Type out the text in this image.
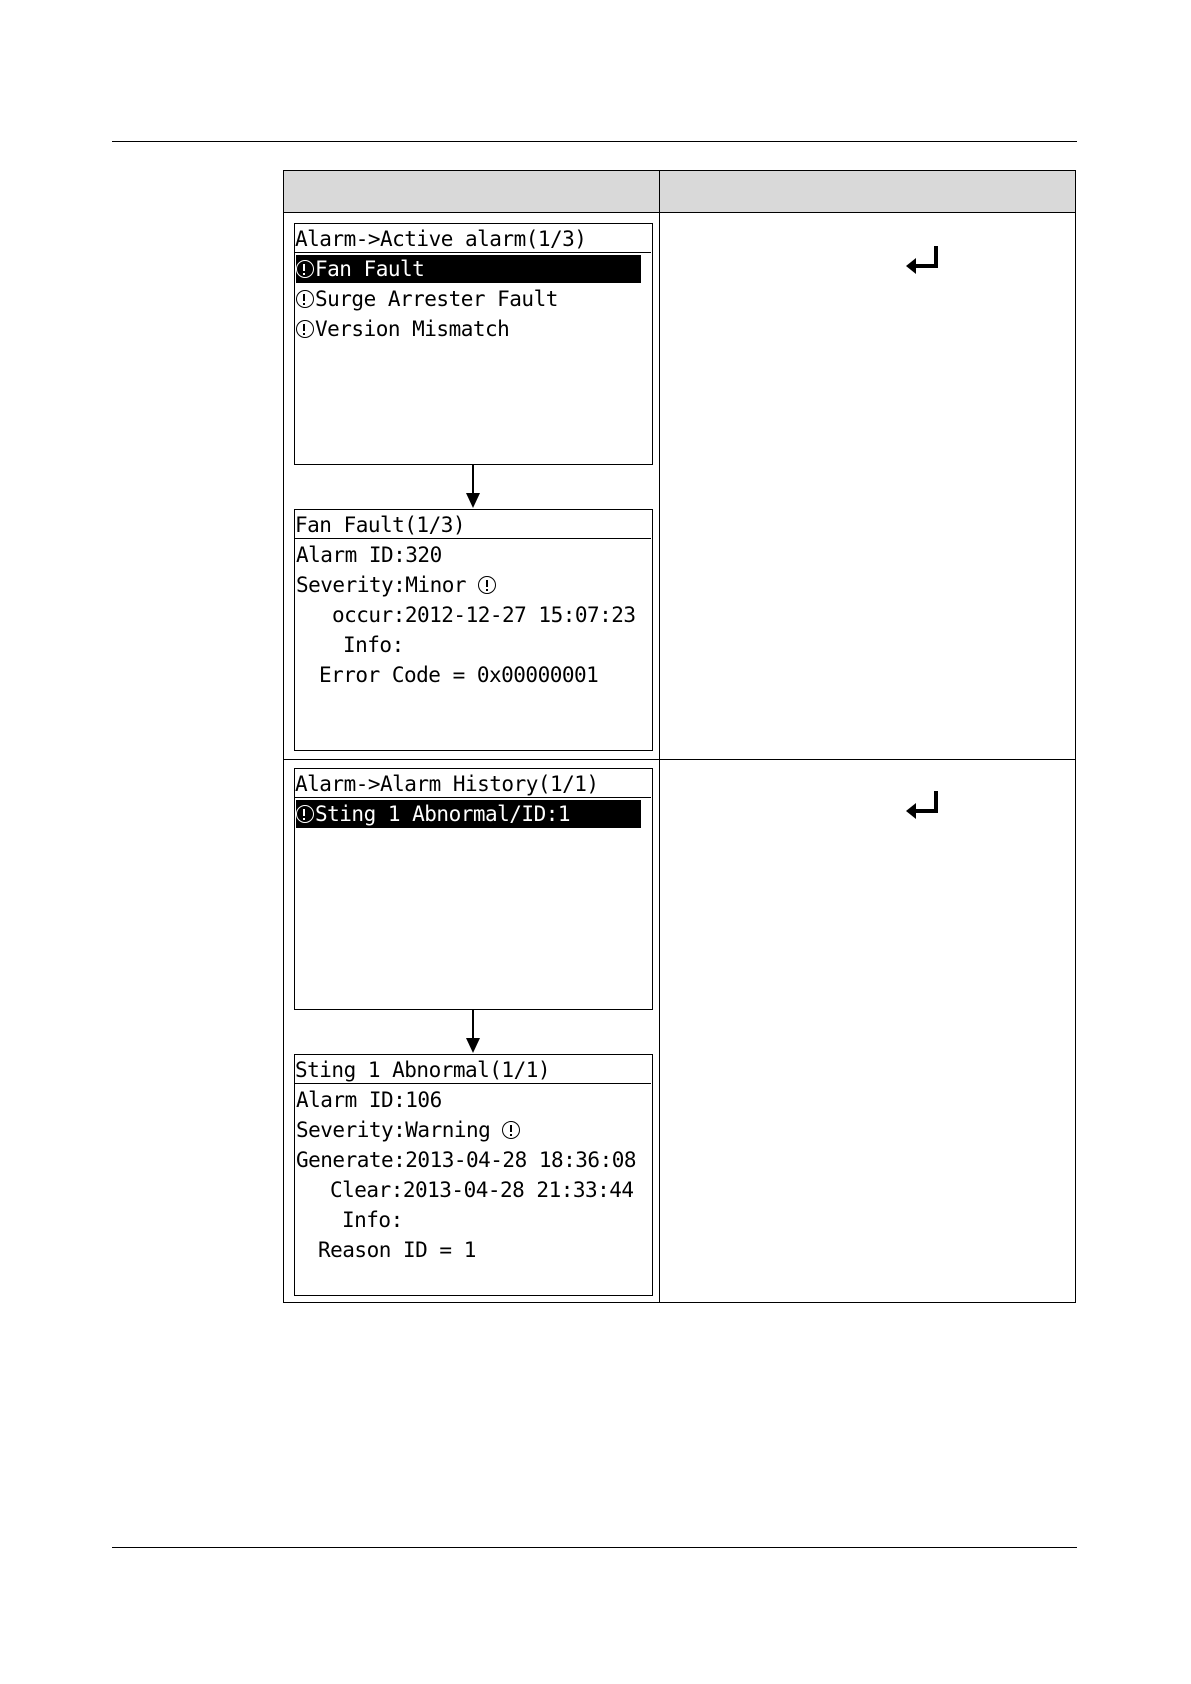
Alarm->Active alarm(1/3)
Fan Fault
Surge Arrester Fault
Version Mismatch
Fan Fault(1/3)
Alarm ID:320
Severity:Minor
occur:2012-12-27 15:07:23
Info:
Error Code = 0x00000001
Alarm->Alarm History(1/1)
Sting 1 Abnormal/ID:1
Sting 1 Abnormal(1/1)
Alarm ID:106
Severity:Warning
Generate:2013-04-28 18:36:08
Clear:2013-04-28 21:33:44
Info:
Reason ID = 1
